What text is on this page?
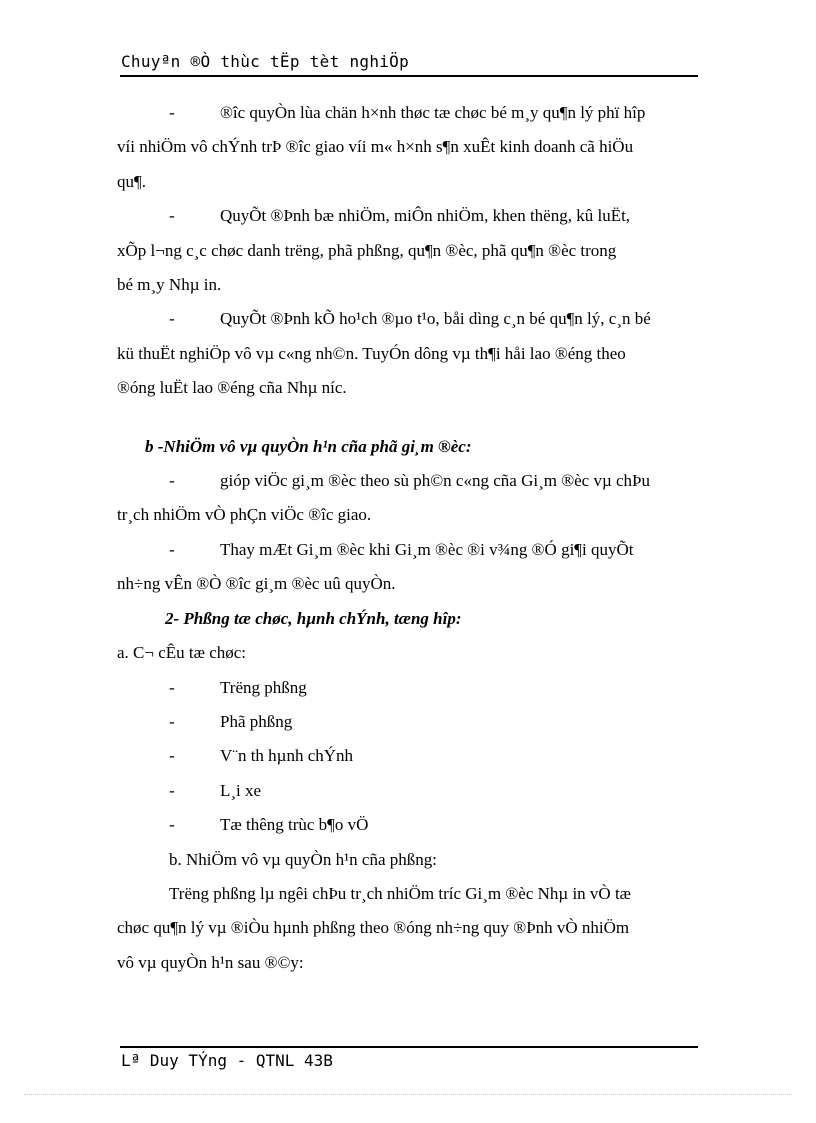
Chuyªn ®Ò thùc tËp tèt nghiÖp
-	®îc quyÒn lùa chän h×nh thøc tæ chøc bé m¸y qu¶n lý phï hîp
víi nhiÖm vô chÝnh trÞ ®îc giao víi m« h×nh s¶n xuÊt kinh doanh cã hiÖu
qu¶.
-	QuyÕt ®Þnh bæ nhiÖm, miÔn nhiÖm, khen thëng, kû luËt,
xÕp l¬ng c¸c chøc danh trëng, phã phßng, qu¶n ®èc, phã qu¶n ®èc trong
bé m¸y Nhµ in.
-	QuyÕt ®Þnh kÕ ho¹ch ®µo t¹o, båi dìng c¸n bé qu¶n lý, c¸n bé
kü thuËt nghiÖp vô vµ c«ng nh©n. TuyÓn dông vµ th¶i håi lao ®éng theo
®óng luËt lao ®éng cña Nhµ níc.

b -NhiÖm vô vµ quyÒn h¹n cña phã gi¸m ®èc:

-	gióp viÖc gi¸m ®èc theo sù ph©n c«ng cña Gi¸m ®èc vµ chÞu
tr¸ch nhiÖm vÒ phÇn viÖc ®îc giao.
-	Thay mÆt Gi¸m ®èc khi Gi¸m ®èc ®i v¾ng ®Ó gi¶i quyÕt
nh÷ng vÊn ®Ò ®îc gi¸m ®èc uû quyÒn.

2- Phßng tæ chøc, hµnh chÝnh, tæng hîp:

a. C¬ cÊu tæ chøc:

-	Trëng phßng

-	Phã phßng

-	V¨n th hµnh chÝnh

-	L¸i xe

-	Tæ thêng trùc b¶o vÖ

b. NhiÖm vô vµ quyÒn h¹n cña phßng:

Trëng phßng lµ ngêi chÞu tr¸ch nhiÖm tríc Gi¸m ®èc Nhµ in vÒ tæ
chøc qu¶n lý vµ ®iÒu hµnh phßng theo ®óng nh÷ng quy ®Þnh vÒ nhiÖm
vô vµ quyÒn h¹n sau ®©y:
Lª Duy TÝng - QTNL 43B
